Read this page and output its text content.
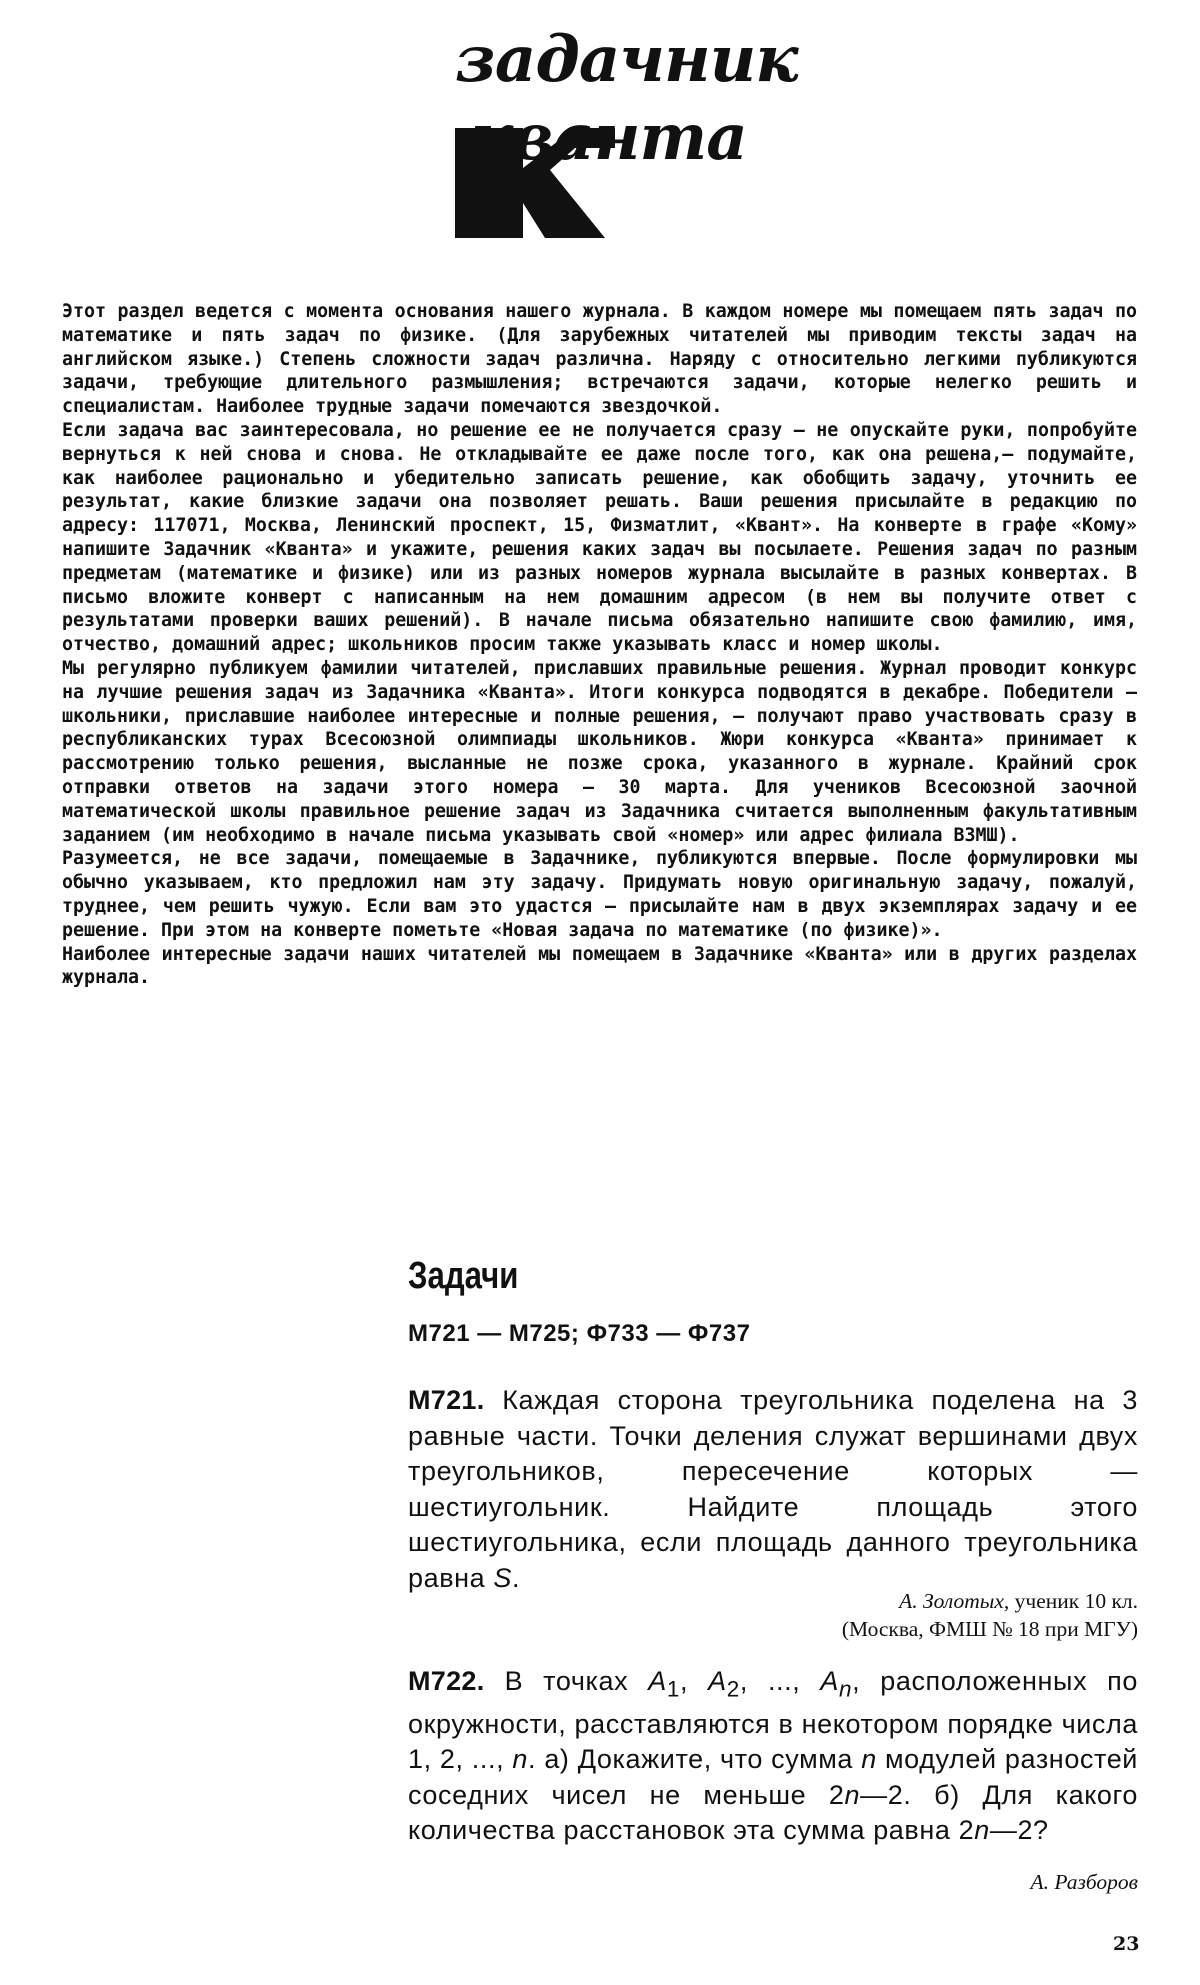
задачник
кванта

Этот раздел ведется с момента основания нашего журнала. В каждом номере мы помещаем пять задач по математике и пять задач по физике. (Для зарубежных читателей мы приводим тексты задач на английском языке.) Степень сложности задач различна. Наряду с относительно легкими публикуются задачи, требующие длительного размышления; встречаются задачи, которые нелегко решить и специалистам. Наиболее трудные задачи помечаются звездочкой.

Если задача вас заинтересовала, но решение ее не получается сразу — не опускайте руки, попробуйте вернуться к ней снова и снова. Не откладывайте ее даже после того, как она решена,— подумайте, как наиболее рационально и убедительно записать решение, как обобщить задачу, уточнить ее результат, какие близкие задачи она позволяет решать. Ваши решения присылайте в редакцию по адресу: 117071, Москва, Ленинский проспект, 15, Физматлит, «Квант». На конверте в графе «Кому» напишите Задачник «Кванта» и укажите, решения каких задач вы посылаете. Решения задач по разным предметам (математике и физике) или из разных номеров журнала высылайте в разных конвертах. В письмо вложите конверт с написанным на нем домашним адресом (в нем вы получите ответ с результатами проверки ваших решений). В начале письма обязательно напишите свою фамилию, имя, отчество, домашний адрес; школьников просим также указывать класс и номер школы.

Мы регулярно публикуем фамилии читателей, приславших правильные решения. Журнал проводит конкурс на лучшие решения задач из Задачника «Кванта». Итоги конкурса подводятся в декабре. Победители — школьники, приславшие наиболее интересные и полные решения, — получают право участвовать сразу в республиканских турах Всесоюзной олимпиады школьников. Жюри конкурса «Кванта» принимает к рассмотрению только решения, высланные не позже срока, указанного в журнале. Крайний срок отправки ответов на задачи этого номера — 30 марта. Для учеников Всесоюзной заочной математической школы правильное решение задач из Задачника считается выполненным факультативным заданием (им необходимо в начале письма указывать свой «номер» или адрес филиала ВЗМШ).

Разумеется, не все задачи, помещаемые в Задачнике, публикуются впервые. После формулировки мы обычно указываем, кто предложил нам эту задачу. Придумать новую оригинальную задачу, пожалуй, труднее, чем решить чужую. Если вам это удастся — присылайте нам в двух экземплярах задачу и ее решение. При этом на конверте пометьте «Новая задача по математике (по физике)».

Наиболее интересные задачи наших читателей мы помещаем в Задачнике «Кванта» или в других разделах журнала.

Задачи
М721 — М725; Ф733 — Ф737
М721. Каждая сторона треугольника поделена на 3 равные части. Точки деления служат вершинами двух треугольников, пересечение которых — шестиугольник. Найдите площадь этого шестиугольника, если площадь данного треугольника равна S.
А. Золотых, ученик 10 кл.
(Москва, ФМШ № 18 при МГУ)
М722. В точках $A_1$, $A_2$, ..., $A_n$, расположенных по окружности, расставляются в некотором порядке числа 1, 2, ..., n. а) Докажите, что сумма n модулей разностей соседних чисел не меньше 2n—2. б) Для какого количества расстановок эта сумма равна 2n—2?
А. Разборов
23
